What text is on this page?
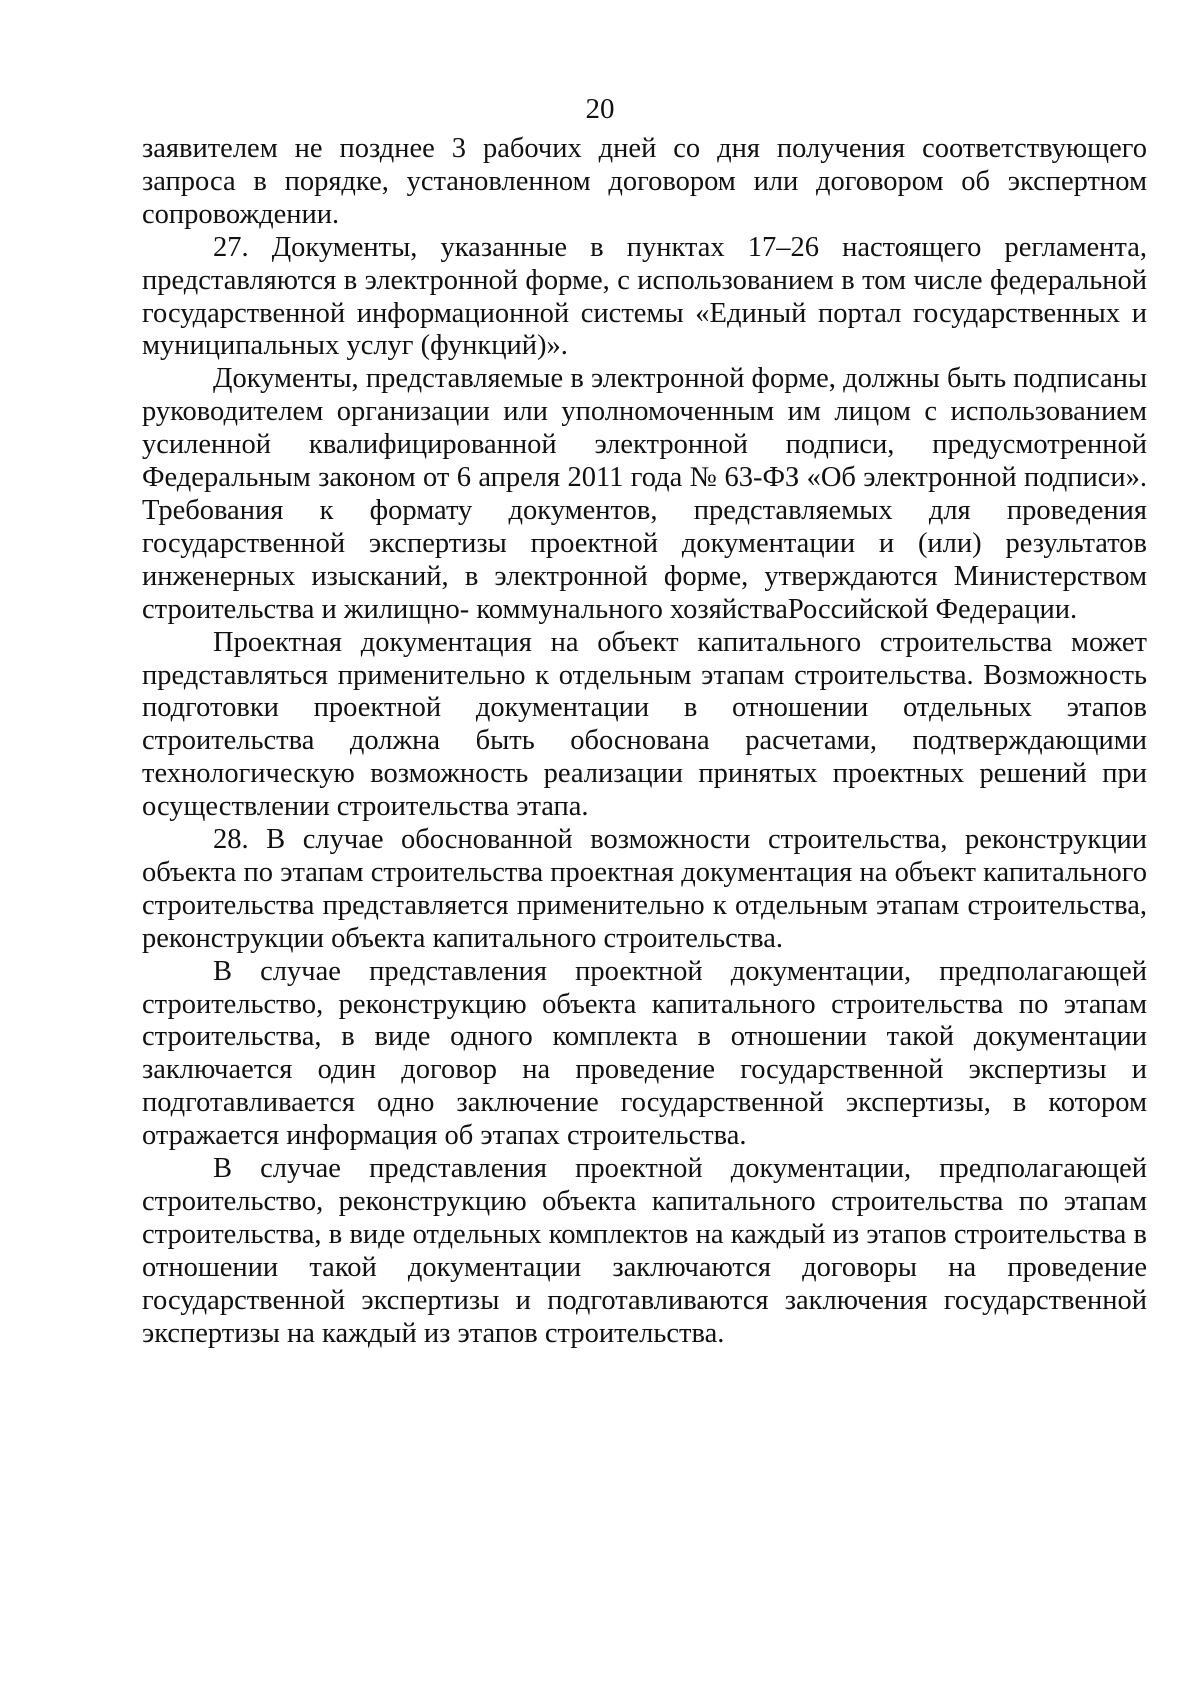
20

заявителем не позднее 3 рабочих дней со дня получения соответствующего запроса в порядке, установленном договором или договором об экспертном сопровождении.

27. Документы, указанные в пунктах 17–26 настоящего регламента, представляются в электронной форме, с использованием в том числе федеральной государственной информационной системы «Единый портал государственных и муниципальных услуг (функций)».

Документы, представляемые в электронной форме, должны быть подписаны руководителем организации или уполномоченным им лицом с использованием усиленной квалифицированной электронной подписи, предусмотренной Федеральным законом от 6 апреля 2011 года № 63-ФЗ «Об электронной подписи». Требования к формату документов, представляемых для проведения государственной экспертизы проектной документации и (или) результатов инженерных изысканий, в электронной форме, утверждаются Министерством строительства и жилищно- коммунального хозяйстваРоссийской Федерации.

Проектная документация на объект капитального строительства может представляться применительно к отдельным этапам строительства. Возможность подготовки проектной документации в отношении отдельных этапов строительства должна быть обоснована расчетами, подтверждающими технологическую возможность реализации принятых проектных решений при осуществлении строительства этапа.

28. В случае обоснованной возможности строительства, реконструкции объекта по этапам строительства проектная документация на объект капитального строительства представляется применительно к отдельным этапам строительства, реконструкции объекта капитального строительства.

В случае представления проектной документации, предполагающей строительство, реконструкцию объекта капитального строительства по этапам строительства, в виде одного комплекта в отношении такой документации заключается один договор на проведение государственной экспертизы и подготавливается одно заключение государственной экспертизы, в котором отражается информация об этапах строительства.

В случае представления проектной документации, предполагающей строительство, реконструкцию объекта капитального строительства по этапам строительства, в виде отдельных комплектов на каждый из этапов строительства в отношении такой документации заключаются договоры на проведение государственной экспертизы и подготавливаются заключения государственной экспертизы на каждый из этапов строительства.
